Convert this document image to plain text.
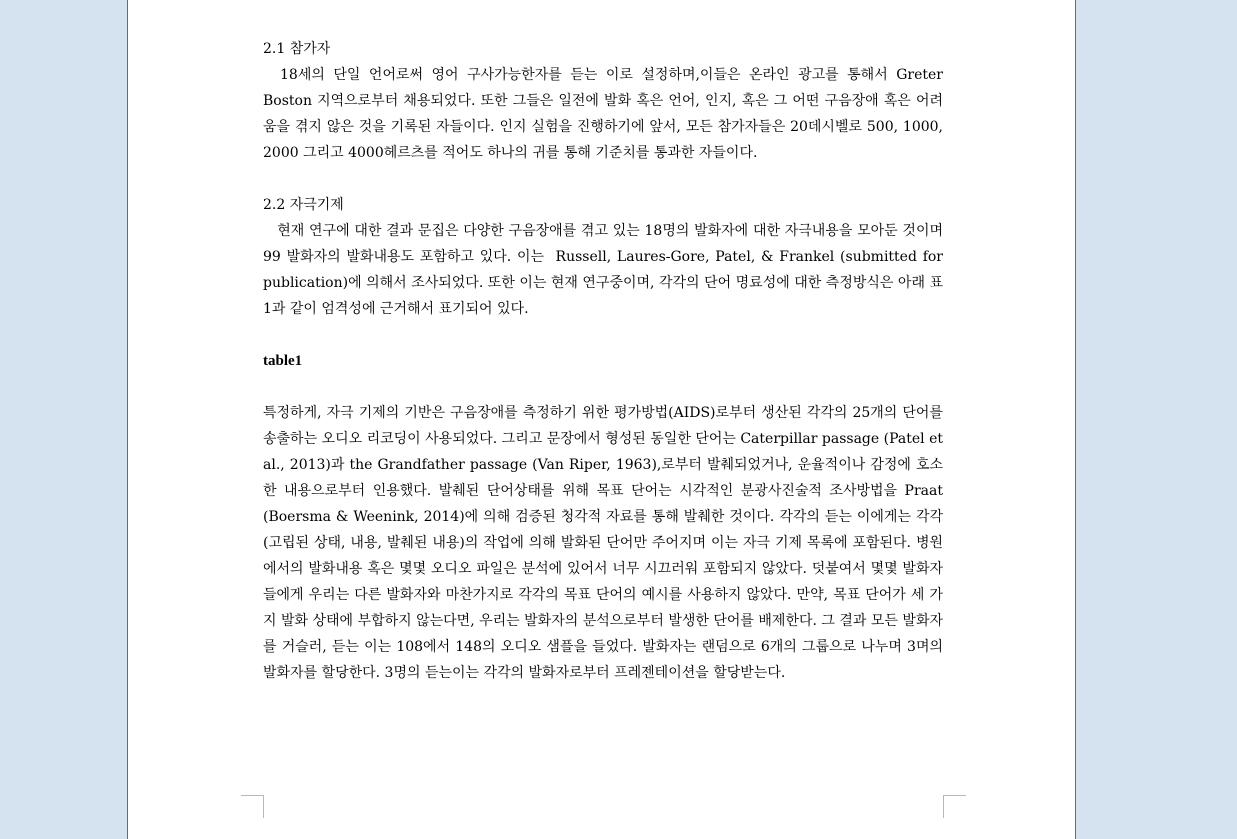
2.1 참가자

18세의 단일 언어로써 영어 구사가능한자를 듣는 이로 설정하며,이들은 온라인 광고를 통해서 Greter Boston 지역으로부터 채용되었다. 또한 그들은 일전에 발화 혹은 언어, 인지, 혹은 그 어떤 구음장애 혹은 어려움을 겪지 않은 것을 기록된 자들이다. 인지 실험을 진행하기에 앞서, 모든 참가자들은 20데시벨로 500, 1000, 2000 그리고 4000헤르츠를 적어도 하나의 귀를 통해 기준치를 통과한 자들이다.

2.2 자극기제

현재 연구에 대한 결과 문집은 다양한 구음장애를 겪고 있는 18명의 발화자에 대한 자극내용을 모아둔 것이며 99 발화자의 발화내용도 포함하고 있다. 이는  Russell, Laures-Gore, Patel, & Frankel (submitted for publication)에 의해서 조사되었다. 또한 이는 현재 연구중이며, 각각의 단어 명료성에 대한 측정방식은 아래 표1과 같이 엄격성에 근거해서 표기되어 있다.

table1

특정하게, 자극 기제의 기반은 구음장애를 측정하기 위한 평가방법(AIDS)로부터 생산된 각각의 25개의 단어를 송출하는 오디오 리코딩이 사용되었다. 그리고 문장에서 형성된 동일한 단어는 Caterpillar passage (Patel et al., 2013)과 the Grandfather passage (Van Riper, 1963),로부터 발췌되었거나, 운율적이나 감정에 호소한 내용으로부터 인용했다. 발췌된 단어상태를 위해 목표 단어는 시각적인 분광사진술적 조사방법을 Praat (Boersma & Weenink, 2014)에 의해 검증된 청각적 자료를 통해 발췌한 것이다. 각각의 듣는 이에게는 각각(고립된 상태, 내용, 발췌된 내용)의 작업에 의해 발화된 단어만 주어지며 이는 자극 기제 목록에 포함된다. 병원에서의 발화내용 혹은 몇몇 오디오 파일은 분석에 있어서 너무 시끄러워 포함되지 않았다. 덧붙여서 몇몇 발화자들에게 우리는 다른 발화자와 마찬가지로 각각의 목표 단어의 예시를 사용하지 않았다. 만약, 목표 단어가 세 가지 발화 상태에 부합하지 않는다면, 우리는 발화자의 분석으로부터 발생한 단어를 배제한다. 그 결과 모든 발화자를 거슬러, 듣는 이는 108에서 148의 오디오 샘플을 들었다. 발화자는 랜덤으로 6개의 그룹으로 나누며 3며의 발화자를 할당한다. 3명의 듣는이는 각각의 발화자로부터 프레젠테이션을 할당받는다.
